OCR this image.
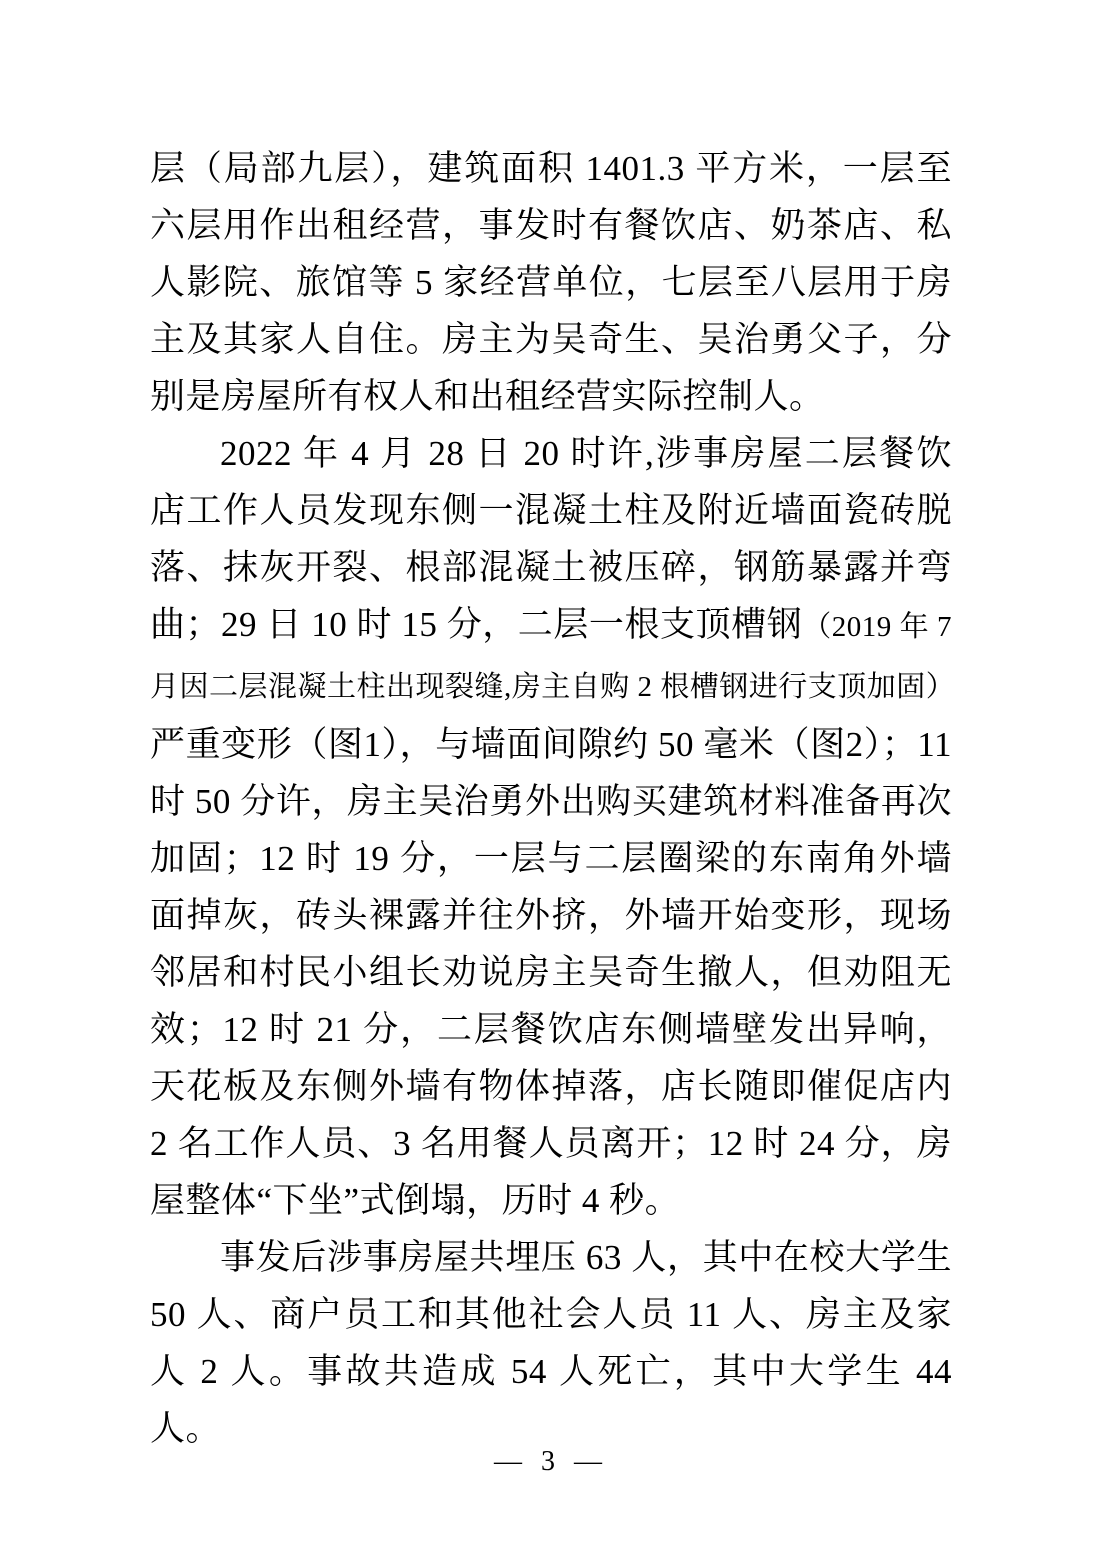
层（局部九层），建筑面积 1401.3 平方米，一层至六层用作出租经营，事发时有餐饮店、奶茶店、私人影院、旅馆等 5 家经营单位，七层至八层用于房主及其家人自住。房主为吴奇生、吴治勇父子，分别是房屋所有权人和出租经营实际控制人。

2022 年 4 月 28 日 20 时许,涉事房屋二层餐饮店工作人员发现东侧一混凝土柱及附近墙面瓷砖脱落、抹灰开裂、根部混凝土被压碎，钢筋暴露并弯曲；29 日 10 时 15 分，二层一根支顶槽钢（2019 年 7 月因二层混凝土柱出现裂缝,房主自购 2 根槽钢进行支顶加固）严重变形（图1），与墙面间隙约 50 毫米（图2）；11 时 50 分许，房主吴治勇外出购买建筑材料准备再次加固；12 时 19 分，一层与二层圈梁的东南角外墙面掉灰，砖头裸露并往外挤，外墙开始变形，现场邻居和村民小组长劝说房主吴奇生撤人，但劝阻无效；12 时 21 分，二层餐饮店东侧墙壁发出异响，天花板及东侧外墙有物体掉落，店长随即催促店内 2 名工作人员、3 名用餐人员离开；12 时 24 分，房屋整体“下坐”式倒塌，历时 4 秒。

事发后涉事房屋共埋压 63 人，其中在校大学生 50 人、商户员工和其他社会人员 11 人、房主及家人 2 人。事故共造成 54 人死亡，其中大学生 44 人。

— 3 —
